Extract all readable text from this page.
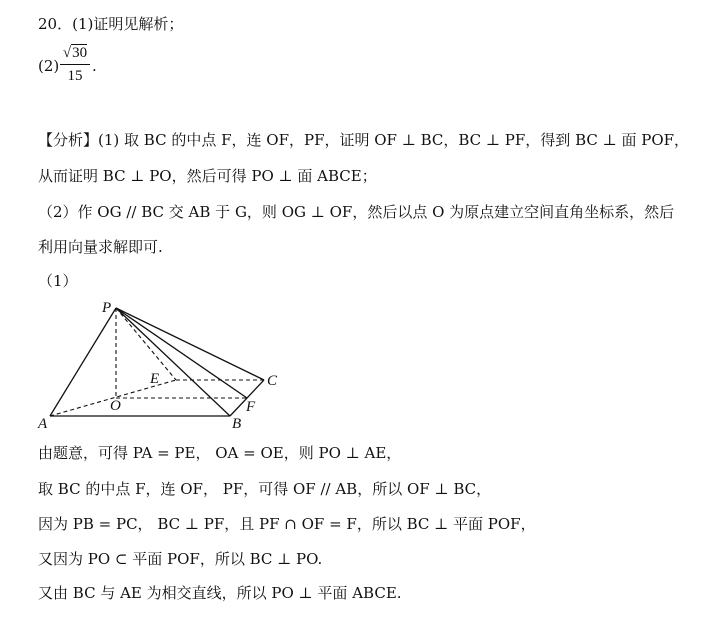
20．(1)证明见解析；
(2)
√30
15
.
【分析】(1) 取 BC 的中点 F，连 OF，PF，证明 OF ⊥ BC，BC ⊥ PF，得到 BC ⊥ 面 POF，
从而证明 BC ⊥ PO，然后可得 PO ⊥ 面 ABCE；
（2）作 OG // BC 交 AB 于 G，则 OG ⊥ OF，然后以点 O 为原点建立空间直角坐标系，然后
利用向量求解即可.
（1）
P
E	C
O	F
A	B
由题意，可得 PA = PE， OA = OE，则 PO ⊥ AE，
取 BC 的中点 F，连 OF， PF，可得 OF // AB，所以 OF ⊥ BC，
因为 PB = PC， BC ⊥ PF，且 PF ∩ OF = F，所以 BC ⊥ 平面 POF，
又因为 PO ⊂ 平面 POF，所以 BC ⊥ PO.
又由 BC 与 AE 为相交直线，所以 PO ⊥ 平面 ABCE.
